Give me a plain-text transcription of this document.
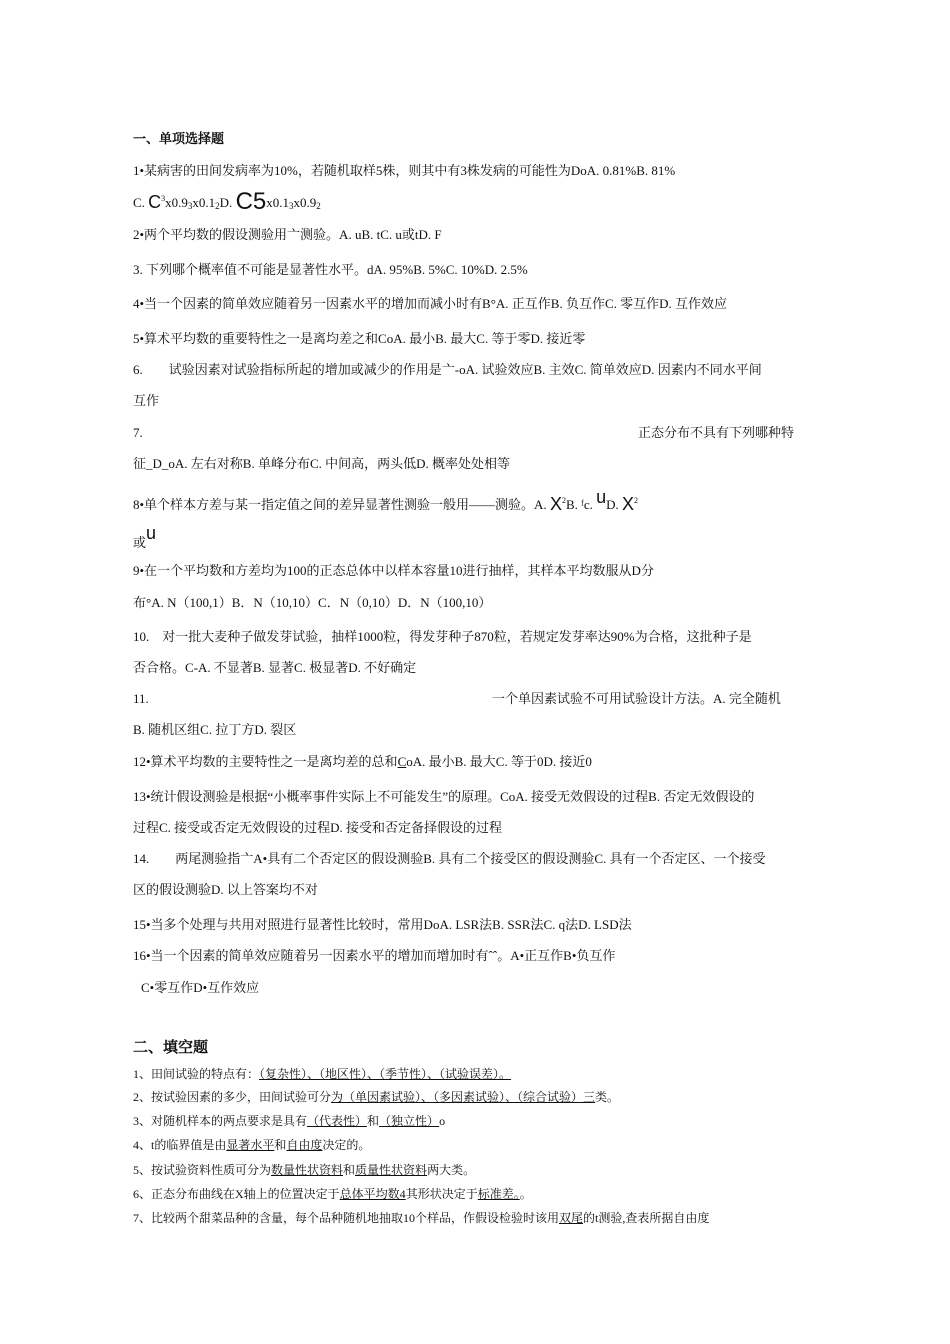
一、单项选择题
1•某病害的田间发病率为10%，若随机取样5株，则其中有3株发病的可能性为DoA. 0.81%B. 81%
C. $C^3x0.9_3x0.1_2D$. $C5x0.1_3x0.9_2$
2•两个平均数的假设测验用亠测验。A. uB. tC. u或tD. F
3. 下列哪个概率值不可能是显著性水平。dA. 95%B. 5%C. 10%D. 2.5%
4•当一个因素的简单效应随着另一因素水平的增加而减小时有B°A. 正互作B. 负互作C. 零互作D. 互作效应
5•算术平均数的重要特性之一是离均差之和CoA. 最小B. 最大C. 等于零D. 接近零
6.　　试验因素对试验指标所起的增加或减少的作用是亠-oA. 试验效应B. 主效C. 简单效应D. 因素内不同水平间
互作
7.	正态分布不具有下列哪种特
征_D_oA. 左右对称B. 单峰分布C. 中间高，两头低D. 概率处处相等
8•单个样本方差与某一指定值之间的差异显著性测验一般用——测验。A. $X^2B$. ᶠc. uD. $X^2$
或u
9•在一个平均数和方差均为100的正态总体中以样本容量10进行抽样，其样本平均数服从D分
布°A. N（100,1）B．N（10,10）C．N（0,10）D．N（100,10）
10.　对一批大麦种子做发芽试验，抽样1000粒，得发芽种子870粒，若规定发芽率达90%为合格，这批种子是
否合格。C-A. 不显著B. 显著C. 极显著D. 不好确定
11.	一个单因素试验不可用试验设计方法。A. 完全随机
B. 随机区组C. 拉丁方D. 裂区
12•算术平均数的主要特性之一是离均差的总和CoA. 最小B. 最大C. 等于0D. 接近0
13•统计假设测验是根据“小概率事件实际上不可能发生”的原理。CoA. 接受无效假设的过程B. 否定无效假设的
过程C. 接受或否定无效假设的过程D. 接受和否定备择假设的过程
14.　　两尾测验指亠A•具有二个否定区的假设测验B. 具有二个接受区的假设测验C. 具有一个否定区、一个接受
区的假设测验D. 以上答案均不对
15•当多个处理与共用对照进行显著性比较时，常用DoA. LSR法B. SSR法C. q法D. LSD法
16•当一个因素的简单效应随着另一因素水平的增加而增加时有ˆˆ。A•正互作B•负互作
C•零互作D•互作效应
二、填空题
1、田间试验的特点有：（复杂性）、（地区性）、（季节性）、（试验误差）。
2、按试验因素的多少，田间试验可分为（单因素试验）、（多因素试验）、（综合试验）三类。
3、对随机样本的两点要求是具有（代表性）和（独立性）o
4、t的临界值是由显著水平和自由度决定的。
5、按试验资料性质可分为数量性状资料和质量性状资料两大类。
6、正态分布曲线在X轴上的位置决定于总体平均数4其形状决定于标准差。。
7、比较两个甜菜品种的含量，每个品种随机地抽取10个样品，作假设检验时该用双尾的t测验,查表所据自由度
